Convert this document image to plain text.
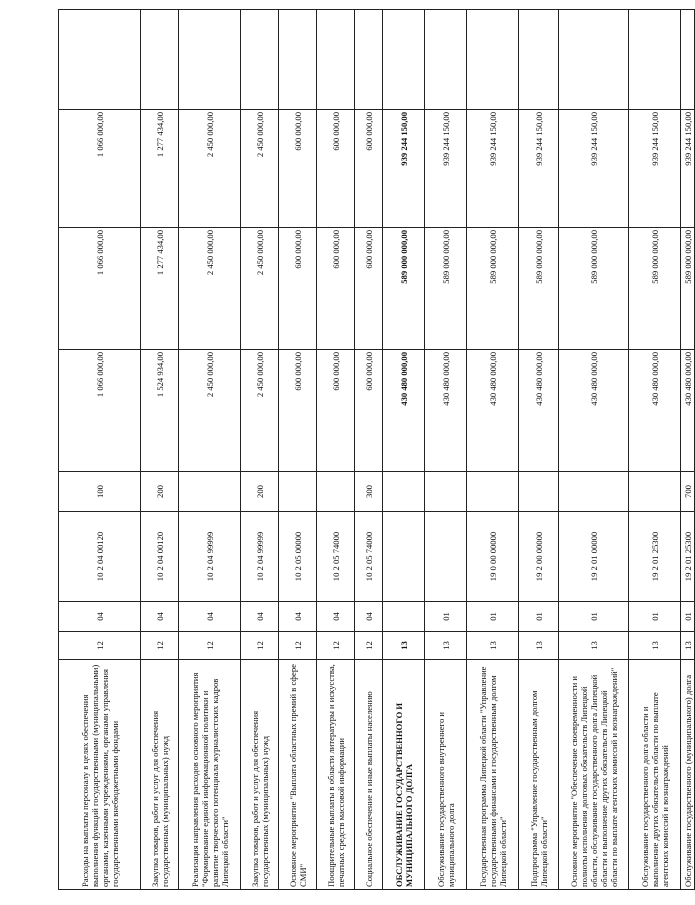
Расходы на выплаты персоналу в целях обеспечения выполнения функций государственными (муниципальными) органами, казенными учреждениями, органами управления государственными внебюджетными фондами	12	04	10 2 04 00120	100	1 066 000,00	1 066 000,00	1 066 000,00	
Закупка товаров, работ и услуг для обеспечения государственных (муниципальных) нужд	12	04	10 2 04 00120	200	1 524 934,00	1 277 434,00	1 277 434,00	
Реализация направления расходов основного мероприятия "Формирование единой информационной политики и развитие творческого потенциала журналистских кадров Липецкой области"	12	04	10 2 04 99999		2 450 000,00	2 450 000,00	2 450 000,00	
Закупка товаров, работ и услуг для обеспечения государственных (муниципальных) нужд	12	04	10 2 04 99999	200	2 450 000,00	2 450 000,00	2 450 000,00	
Основное мероприятие "Выплата областных премий в сфере СМИ"	12	04	10 2 05 00000		600 000,00	600 000,00	600 000,00	
Поощрительные выплаты в области литературы и искусства, печатных средств массовой информации	12	04	10 2 05 74000		600 000,00	600 000,00	600 000,00	
Социальное обеспечение и иные выплаты населению	12	04	10 2 05 74000	300	600 000,00	600 000,00	600 000,00	
ОБСЛУЖИВАНИЕ ГОСУДАРСТВЕННОГО И МУНИЦИПАЛЬНОГО ДОЛГА	13				430 480 000,00	589 000 000,00	939 244 150,00	
Обслуживание государственного внутреннего и муниципального долга	13	01			430 480 000,00	589 000 000,00	939 244 150,00	
Государственная программа Липецкой области "Управление государственными финансами и государственным долгом Липецкой области"	13	01	19 0 00 00000		430 480 000,00	589 000 000,00	939 244 150,00	
Подпрограмма "Управление государственным долгом Липецкой области"	13	01	19 2 00 00000		430 480 000,00	589 000 000,00	939 244 150,00	
Основное мероприятие "Обеспечение своевременности и полноты исполнения долговых обязательств Липецкой области, обслуживание государственного долга Липецкой области и выполнение других обязательств Липецкой области по выплате агентских комиссий и вознаграждений"	13	01	19 2 01 00000		430 480 000,00	589 000 000,00	939 244 150,00	
Обслуживание государственного долга области и выполнение других обязательств области по выплате агентских комиссий и вознаграждений	13	01	19 2 01 25300		430 480 000,00	589 000 000,00	939 244 150,00	
Обслуживание государственного (муниципального) долга	13	01	19 2 01 25300	700	430 480 000,00	589 000 000,00	939 244 150,00	
